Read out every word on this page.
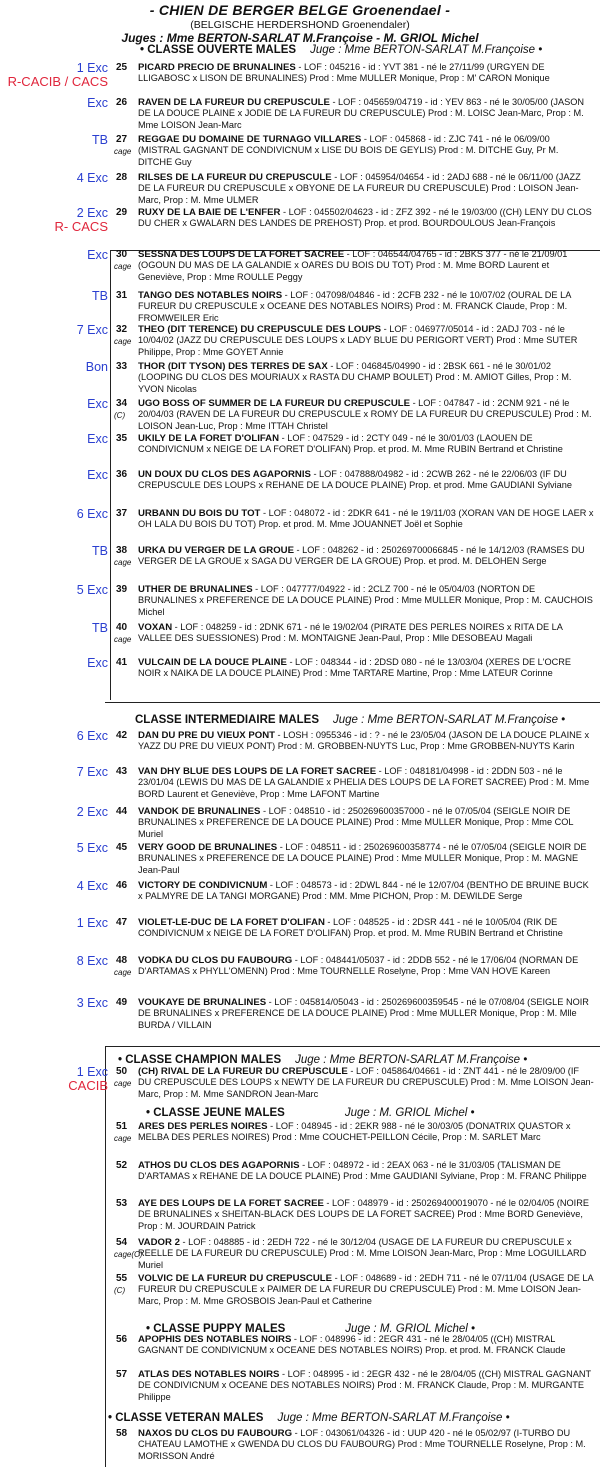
- CHIEN DE BERGER BELGE Groenendael -
(BELGISCHE HERDERSHOND Groenendaler)
Juges : Mme BERTON-SARLAT M.Françoise - M. GRIOL Michel
• CLASSE OUVERTE MALES Juge : Mme BERTON-SARLAT M.Françoise •
CLASSE INTERMEDIAIRE MALES Juge : Mme BERTON-SARLAT M.Françoise •
• CLASSE CHAMPION MALES Juge : Mme BERTON-SARLAT M.Françoise •
• CLASSE JEUNE MALES	Juge : M. GRIOL Michel •
• CLASSE PUPPY MALES	Juge : M. GRIOL Michel •
• CLASSE VETERAN MALES Juge : Mme BERTON-SARLAT M.Françoise •
1 Exc
R-CACIB / CACS
25 PICARD PRECIO DE BRUNALINES - LOF : 045216 - id : YVT 381 - né le 27/11/99 (URGYEN DE LLIGABOSC x LISON DE BRUNALINES) Prod : Mme MULLER Monique, Prop : M' CARON Monique
Exc 26 RAVEN DE LA FUREUR DU CREPUSCULE - LOF : 045659/04719 - id : YEV 863 - né le 30/05/00 (JASON DE LA DOUCE PLAINE x JODIE DE LA FUREUR DU CREPUSCULE) Prod : M. LOISC Jean-Marc, Prop : M. Mme LOISON Jean-Marc
TB 27
cage
REGGAE DU DOMAINE DE TURNAGO VILLARES - LOF : 045868 - id : ZJC 741 - né le 06/09/00 (MISTRAL GAGNANT DE CONDIVICNUM x LISE DU BOIS DE GEYLIS) Prod : M. DITCHE Guy, Pr M. DITCHE Guy
4 Exc 28 RILSES DE LA FUREUR DU CREPUSCULE - LOF : 045954/04654 - id : 2ADJ 688 - né le 06/11/00 (JAZZ DE LA FUREUR DU CREPUSCULE x OBYONE DE LA FUREUR DU CREPUSCULE) Prod : LOISON Jean-Marc, Prop : M. Mme ULMER
2 Exc
R- CACS
29 RUXY DE LA BAIE DE L'ENFER - LOF : 045502/04623 - id : ZFZ 392 - né le 19/03/00 ((CH) LENY DU CLOS DU CHER x GWALARN DES LANDES DE PREHOST) Prop. et prod. BOURDOULOUS Jean-François
Exc 30
cage
SESSNA DES LOUPS DE LA FORET SACREE - LOF : 046544/04765 - id : 2BKS 377 - né le 21/09/01 (OGOUN DU MAS DE LA GALANDIE x OARES DU BOIS DU TOT) Prod : M. Mme BORD Laurent et Geneviève, Prop : Mme ROULLE Peggy
TB 31 TANGO DES NOTABLES NOIRS - LOF : 047098/04846 - id : 2CFB 232 - né le 10/07/02 (OURAL DE LA FUREUR DU CREPUSCULE x OCEANE DES NOTABLES NOIRS) Prod : M. FRANCK Claude, Prop : M. FROMWEILER Eric
7 Exc 32
cage
THEO (DIT TERENCE) DU CREPUSCULE DES LOUPS - LOF : 046977/05014 - id : 2ADJ 703 - né le 10/04/02 (JAZZ DU CREPUSCULE DES LOUPS x LADY BLUE DU PERIGORT VERT) Prod : Mme SUTER Philippe, Prop : Mme GOYET Annie
Bon 33 THOR (DIT TYSON) DES TERRES DE SAX - LOF : 046845/04990 - id : 2BSK 661 - né le 30/01/02 (LOOPING DU CLOS DES MOURIAUX x RASTA DU CHAMP BOULET) Prod : M. AMIOT Gilles, Prop : M. YVON Nicolas
Exc 34
(C)
UGO BOSS OF SUMMER DE LA FUREUR DU CREPUSCULE - LOF : 047847 - id : 2CNM 921 - né le 20/04/03 (RAVEN DE LA FUREUR DU CREPUSCULE x ROMY DE LA FUREUR DU CREPUSCULE) Prod : M. LOISON Jean-Luc, Prop : Mme ITTAH Christel
Exc 35 UKILY DE LA FORET D'OLIFAN - LOF : 047529 - id : 2CTY 049 - né le 30/01/03 (LAOUEN DE CONDIVICNUM x NEIGE DE LA FORET D'OLIFAN) Prop. et prod. M. Mme RUBIN Bertrand et Christine
Exc 36 UN DOUX DU CLOS DES AGAPORNIS - LOF : 047888/04982 - id : 2CWB 262 - né le 22/06/03 (IF DU CREPUSCULE DES LOUPS x REHANE DE LA DOUCE PLAINE) Prop. et prod. Mme GAUDIANI Sylviane
6 Exc 37 URBANN DU BOIS DU TOT - LOF : 048072 - id : 2DKR 641 - né le 19/11/03 (XORAN VAN DE HOGE LAER x OH LALA DU BOIS DU TOT) Prop. et prod. M. Mme JOUANNET Joël et Sophie
TB 38
cage
URKA DU VERGER DE LA GROUE - LOF : 048262 - id : 250269700066845 - né le 14/12/03 (RAMSES DU VERGER DE LA GROUE x SAGA DU VERGER DE LA GROUE) Prop. et prod. M. DELOHEN Serge
5 Exc 39 UTHER DE BRUNALINES - LOF : 047777/04922 - id : 2CLZ 700 - né le 05/04/03 (NORTON DE BRUNALINES x PREFERENCE DE LA DOUCE PLAINE) Prod : Mme MULLER Monique, Prop : M. CAUCHOIS Michel
TB 40
cage
VOXAN - LOF : 048259 - id : 2DNK 671 - né le 19/02/04 (PIRATE DES PERLES NOIRES x RITA DE LA VALLEE DES SUESSIONES) Prod : M. MONTAIGNE Jean-Paul, Prop : Mlle DESOBEAU Magali
Exc 41 VULCAIN DE LA DOUCE PLAINE - LOF : 048344 - id : 2DSD 080 - né le 13/03/04 (XERES DE L'OCRE NOIR x NAIKA DE LA DOUCE PLAINE) Prod : Mme TARTARE Martine, Prop : Mme LATEUR Corinne
6 Exc 42 DAN DU PRE DU VIEUX PONT - LOSH : 0955346 - id : ? - né le 23/05/04 (JASON DE LA DOUCE PLAINE x YAZZ DU PRE DU VIEUX PONT) Prod : M. GROBBEN-NUYTS Luc, Prop : Mme GROBBEN-NUYTS Karin
7 Exc 43 VAN DHY BLUE DES LOUPS DE LA FORET SACREE - LOF : 048181/04998 - id : 2DDN 503 - né le 23/01/04 (LEWIS DU MAS DE LA GALANDIE x PHELIA DES LOUPS DE LA FORET SACREE) Prod : M. Mme BORD Laurent et Geneviève, Prop : Mme LAFONT Martine
2 Exc 44 VANDOK DE BRUNALINES - LOF : 048510 - id : 250269600357000 - né le 07/05/04 (SEIGLE NOIR DE BRUNALINES x PREFERENCE DE LA DOUCE PLAINE) Prod : Mme MULLER Monique, Prop : Mme COL Muriel
5 Exc 45 VERY GOOD DE BRUNALINES - LOF : 048511 - id : 250269600358774 - né le 07/05/04 (SEIGLE NOIR DE BRUNALINES x PREFERENCE DE LA DOUCE PLAINE) Prod : Mme MULLER Monique, Prop : M. MAGNE Jean-Paul
4 Exc 46 VICTORY DE CONDIVICNUM - LOF : 048573 - id : 2DWL 844 - né le 12/07/04 (BENTHO DE BRUINE BUCK x PALMYRE DE LA TANGI MORGANE) Prod : MM. Mme PICHON, Prop : M. DEWILDE Serge
1 Exc 47 VIOLET-LE-DUC DE LA FORET D'OLIFAN - LOF : 048525 - id : 2DSR 441 - né le 10/05/04 (RIK DE CONDIVICNUM x NEIGE DE LA FORET D'OLIFAN) Prop. et prod. M. Mme RUBIN Bertrand et Christine
8 Exc 48
cage
VODKA DU CLOS DU FAUBOURG - LOF : 048441/05037 - id : 2DDB 552 - né le 17/06/04 (NORMAN DE D'ARTAMAS x PHYLL'OMENN) Prod : Mme TOURNELLE Roselyne, Prop : Mme VAN HOVE Kareen
3 Exc 49 VOUKAYE DE BRUNALINES - LOF : 045814/05043 - id : 250269600359545 - né le 07/08/04 (SEIGLE NOIR DE BRUNALINES x PREFERENCE DE LA DOUCE PLAINE) Prod : Mme MULLER Monique, Prop : M. Mlle BURDA / VILLAIN
1 Exc
CACIB
50
cage
(CH) RIVAL DE LA FUREUR DU CREPUSCULE - LOF : 045864/04661 - id : ZNT 441 - né le 28/09/00 (IF DU CREPUSCULE DES LOUPS x NEWTY DE LA FUREUR DU CREPUSCULE) Prod : M. Mme LOISON Jean-Marc, Prop : M. Mme SANDRON Jean-Marc
51
cage
ARES DES PERLES NOIRES - LOF : 048945 - id : 2EKR 988 - né le 30/03/05 (DONATRIX QUASTOR x MELBA DES PERLES NOIRES) Prod : Mme COUCHET-PEILLON Cécile, Prop : M. SARLET Marc
52 ATHOS DU CLOS DES AGAPORNIS - LOF : 048972 - id : 2EAX 063 - né le 31/03/05 (TALISMAN DE D'ARTAMAS x REHANE DE LA DOUCE PLAINE) Prod : Mme GAUDIANI Sylviane, Prop : M. FRANC Philippe
53 AYE DES LOUPS DE LA FORET SACREE - LOF : 048979 - id : 250269400019070 - né le 02/04/05 (NOIRE DE BRUNALINES x SHEITAN-BLACK DES LOUPS DE LA FORET SACREE) Prod : Mme BORD Geneviève, Prop : M. JOURDAIN Patrick
54
cage(C)
VADOR 2 - LOF : 048885 - id : 2EDH 722 - né le 30/12/04 (USAGE DE LA FUREUR DU CREPUSCULE x REELLE DE LA FUREUR DU CREPUSCULE) Prod : M. Mme LOISON Jean-Marc, Prop : Mme LOGUILLARD Muriel
55
(C)
VOLVIC DE LA FUREUR DU CREPUSCULE - LOF : 048689 - id : 2EDH 711 - né le 07/11/04 (USAGE DE LA FUREUR DU CREPUSCULE x PAIMER DE LA FUREUR DU CREPUSCULE) Prod : M. Mme LOISON Jean-Marc, Prop : M. Mme GROSBOIS Jean-Paul et Catherine
56 APOPHIS DES NOTABLES NOIRS - LOF : 048996 - id : 2EGR 431 - né le 28/04/05 ((CH) MISTRAL GAGNANT DE CONDIVICNUM x OCEANE DES NOTABLES NOIRS) Prop. et prod. M. FRANCK Claude
57 ATLAS DES NOTABLES NOIRS - LOF : 048995 - id : 2EGR 432 - né le 28/04/05 ((CH) MISTRAL GAGNANT DE CONDIVICNUM x OCEANE DES NOTABLES NOIRS) Prod : M. FRANCK Claude, Prop : M. MURGANTE Philippe
58 NAXOS DU CLOS DU FAUBOURG - LOF : 043061/04326 - id : UUP 420 - né le 05/02/97 (I-TURBO DU CHATEAU LAMOTHE x GWENDA DU CLOS DU FAUBOURG) Prod : Mme TOURNELLE Roselyne, Prop : M. MORISSON André
